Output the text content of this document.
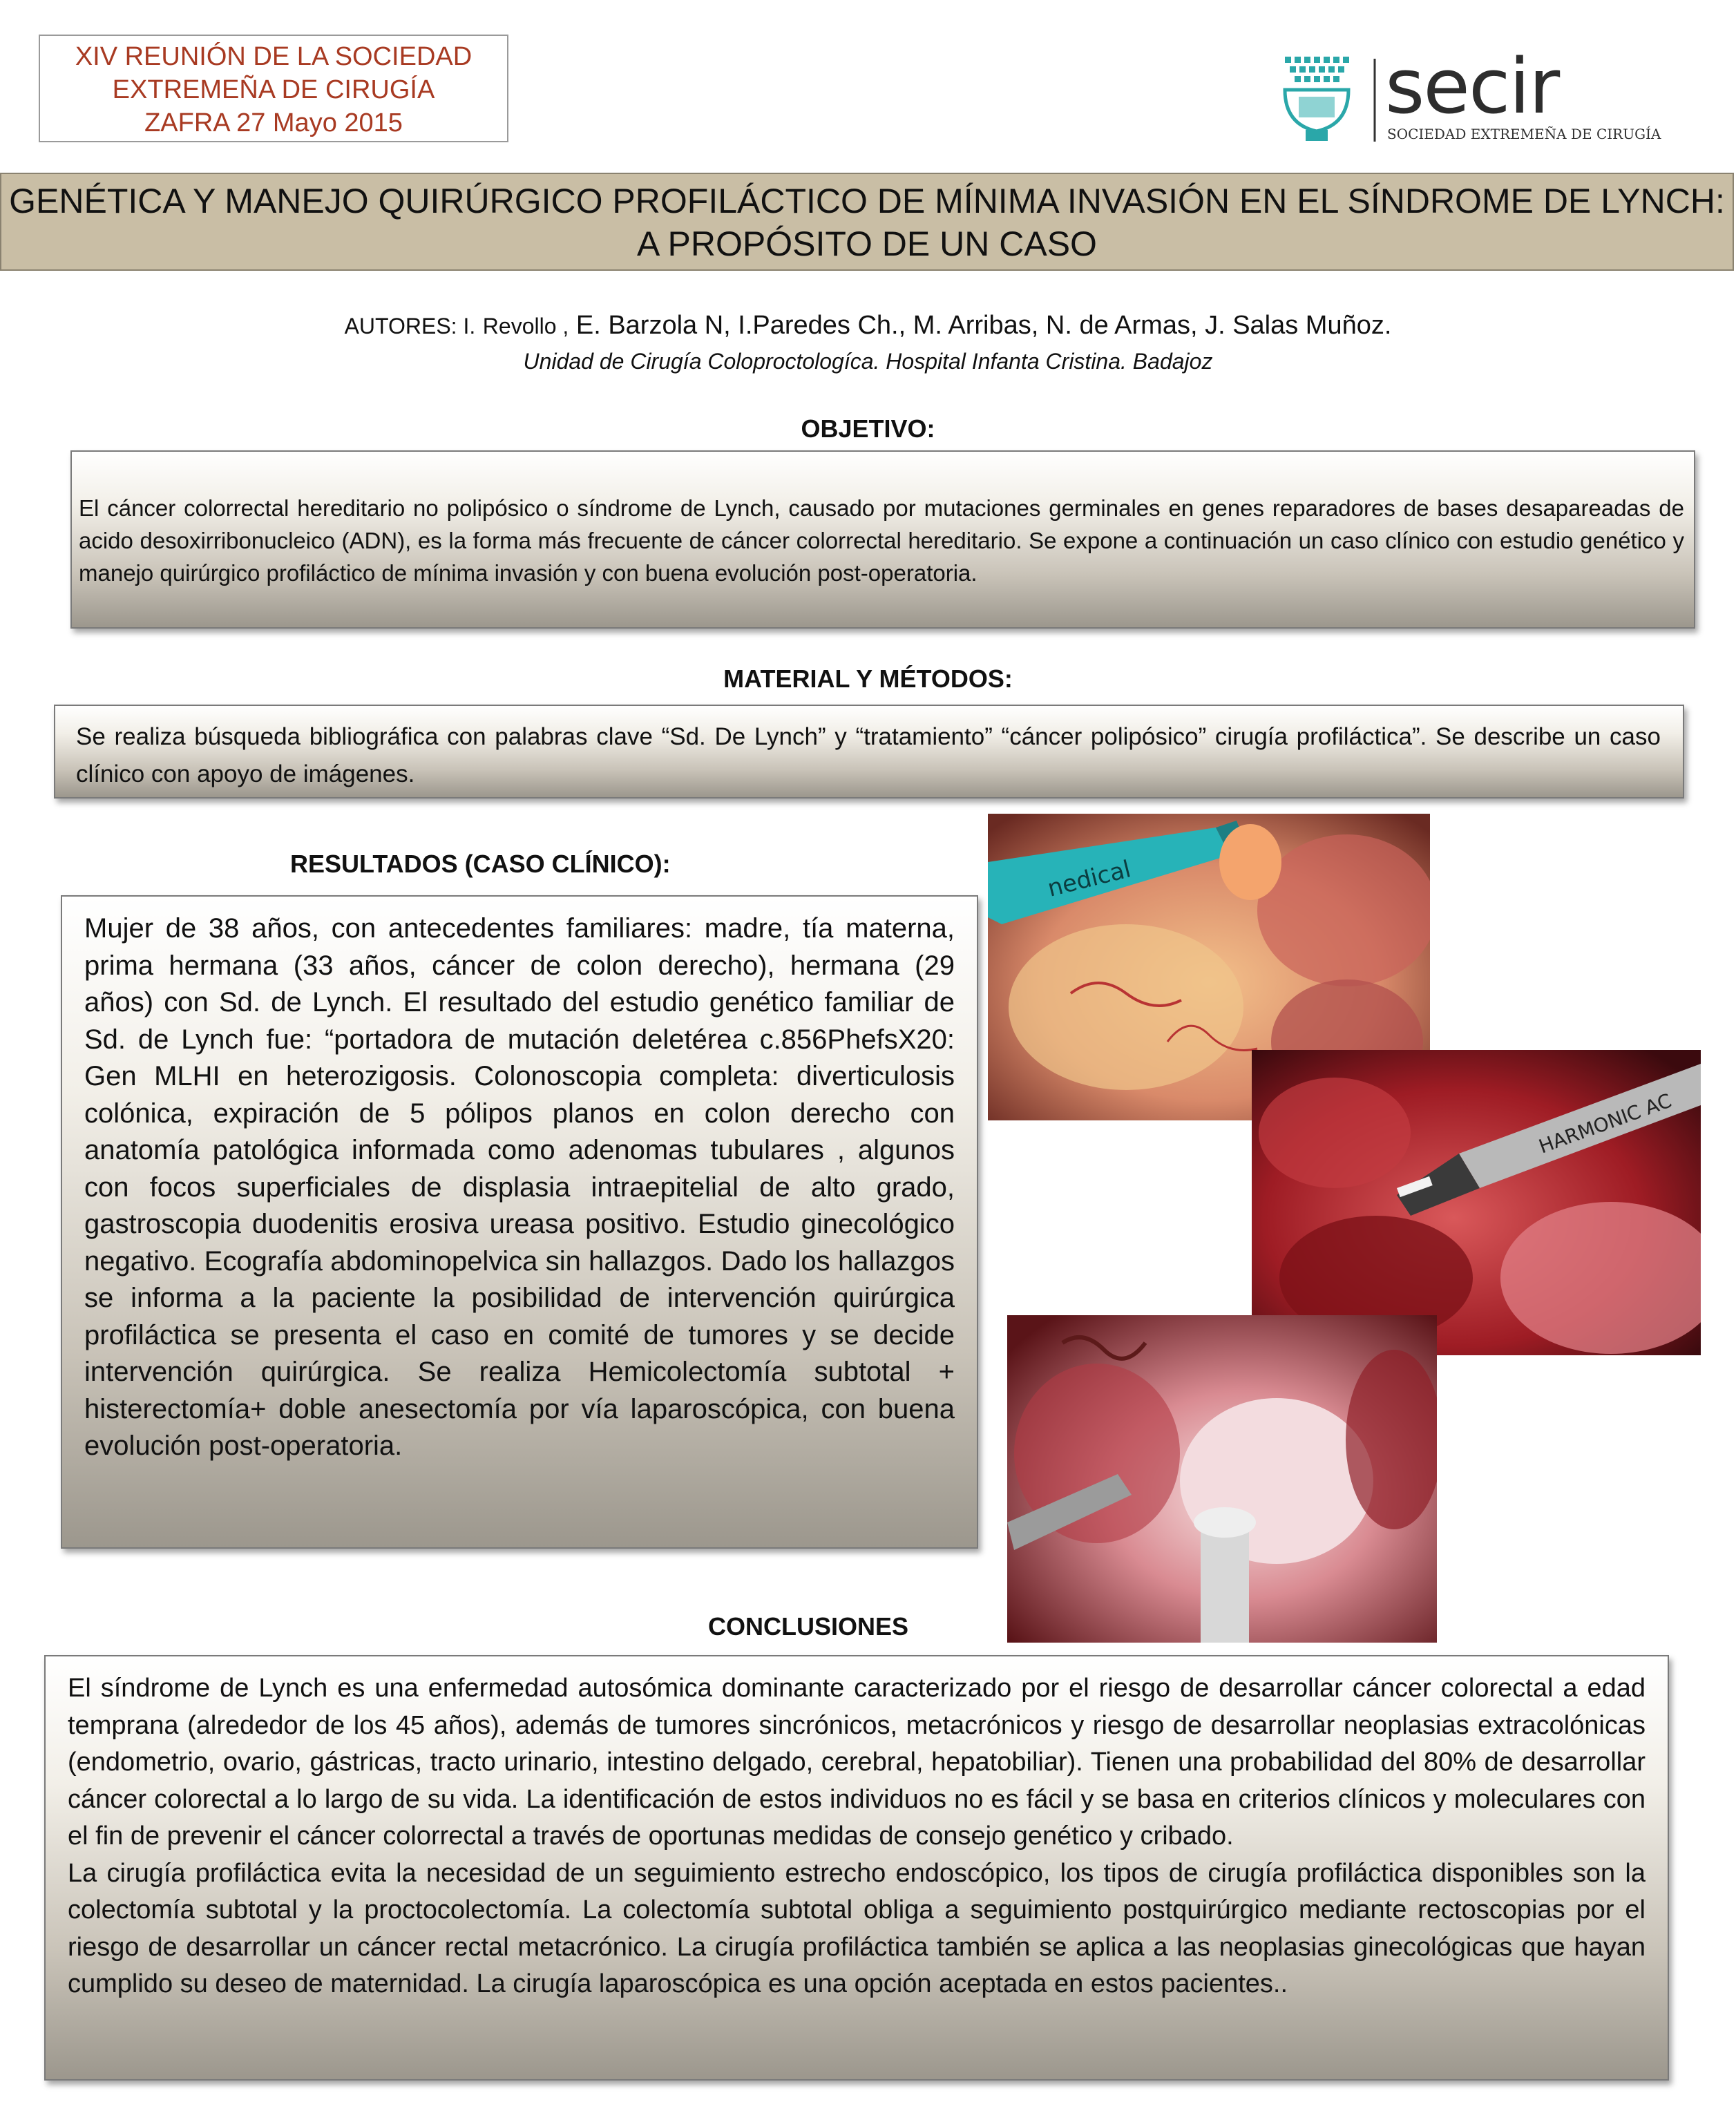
XIV REUNIÓN DE LA SOCIEDAD
EXTREMEÑA DE CIRUGÍA
ZAFRA 27 Mayo 2015	secir
SOCIEDAD EXTREMEÑA DE CIRUGÍA
GENÉTICA Y MANEJO QUIRÚRGICO PROFILÁCTICO DE MÍNIMA INVASIÓN EN EL SÍNDROME DE LYNCH:
A PROPÓSITO DE UN CASO
AUTORES: I. Revollo , E. Barzola N, I.Paredes Ch., M. Arribas, N. de Armas, J. Salas Muñoz.
Unidad de Cirugía Coloproctologíca. Hospital Infanta Cristina. Badajoz
OBJETIVO:
El cáncer colorrectal hereditario no polipósico o síndrome de Lynch, causado por mutaciones germinales en genes reparadores de bases desapareadas de acido desoxirribonucleico (ADN), es la forma más frecuente de cáncer colorrectal hereditario. Se expone a continuación un caso clínico con estudio genético y manejo quirúrgico profiláctico de mínima invasión y con buena evolución post-operatoria.
MATERIAL Y MÉTODOS:
Se realiza búsqueda bibliográfica con palabras clave “Sd. De Lynch” y “tratamiento” “cáncer polipósico” cirugía profiláctica”. Se describe un caso clínico con apoyo de imágenes.
RESULTADOS (CASO CLÍNICO):
Mujer de 38 años, con antecedentes familiares: madre, tía materna, prima hermana (33 años, cáncer de colon derecho), hermana (29 años) con Sd. de Lynch. El resultado del estudio genético familiar de Sd. de Lynch fue: “portadora de mutación deletérea c.856PhefsX20: Gen MLHI en heterozigosis. Colonoscopia completa: diverticulosis colónica, expiración de 5 pólipos planos en colon derecho con anatomía patológica informada como adenomas tubulares , algunos con focos superficiales de displasia intraepitelial de alto grado, gastroscopia duodenitis erosiva ureasa positivo. Estudio ginecológico negativo. Ecografía abdominopelvica sin hallazgos. Dado los hallazgos se informa a la paciente la posibilidad de intervención quirúrgica profiláctica se presenta el caso en comité de tumores y se decide intervención quirúrgica. Se realiza Hemicolectomía subtotal + histerectomía+ doble anesectomía por vía laparoscópica, con buena evolución post-operatoria.
nedical
HARMONIC AC
CONCLUSIONES
El síndrome de Lynch es una enfermedad autosómica dominante caracterizado por el riesgo de desarrollar cáncer colorectal a edad temprana (alrededor de los 45 años), además de tumores sincrónicos, metacrónicos y riesgo de desarrollar neoplasias extracolónicas (endometrio, ovario, gástricas, tracto urinario, intestino delgado, cerebral, hepatobiliar). Tienen una probabilidad del 80% de desarrollar cáncer colorectal a lo largo de su vida. La identificación de estos individuos no es fácil y se basa en criterios clínicos y moleculares con el fin de prevenir el cáncer colorrectal a través de oportunas medidas de consejo genético y cribado.
La cirugía profiláctica evita la necesidad de un seguimiento estrecho endoscópico, los tipos de cirugía profiláctica disponibles son la colectomía subtotal y la proctocolectomía. La colectomía subtotal obliga a seguimiento postquirúrgico mediante rectoscopias por el riesgo de desarrollar un cáncer rectal metacrónico. La cirugía profiláctica también se aplica a las neoplasias ginecológicas que hayan cumplido su deseo de maternidad. La cirugía laparoscópica es una opción aceptada en estos pacientes..
